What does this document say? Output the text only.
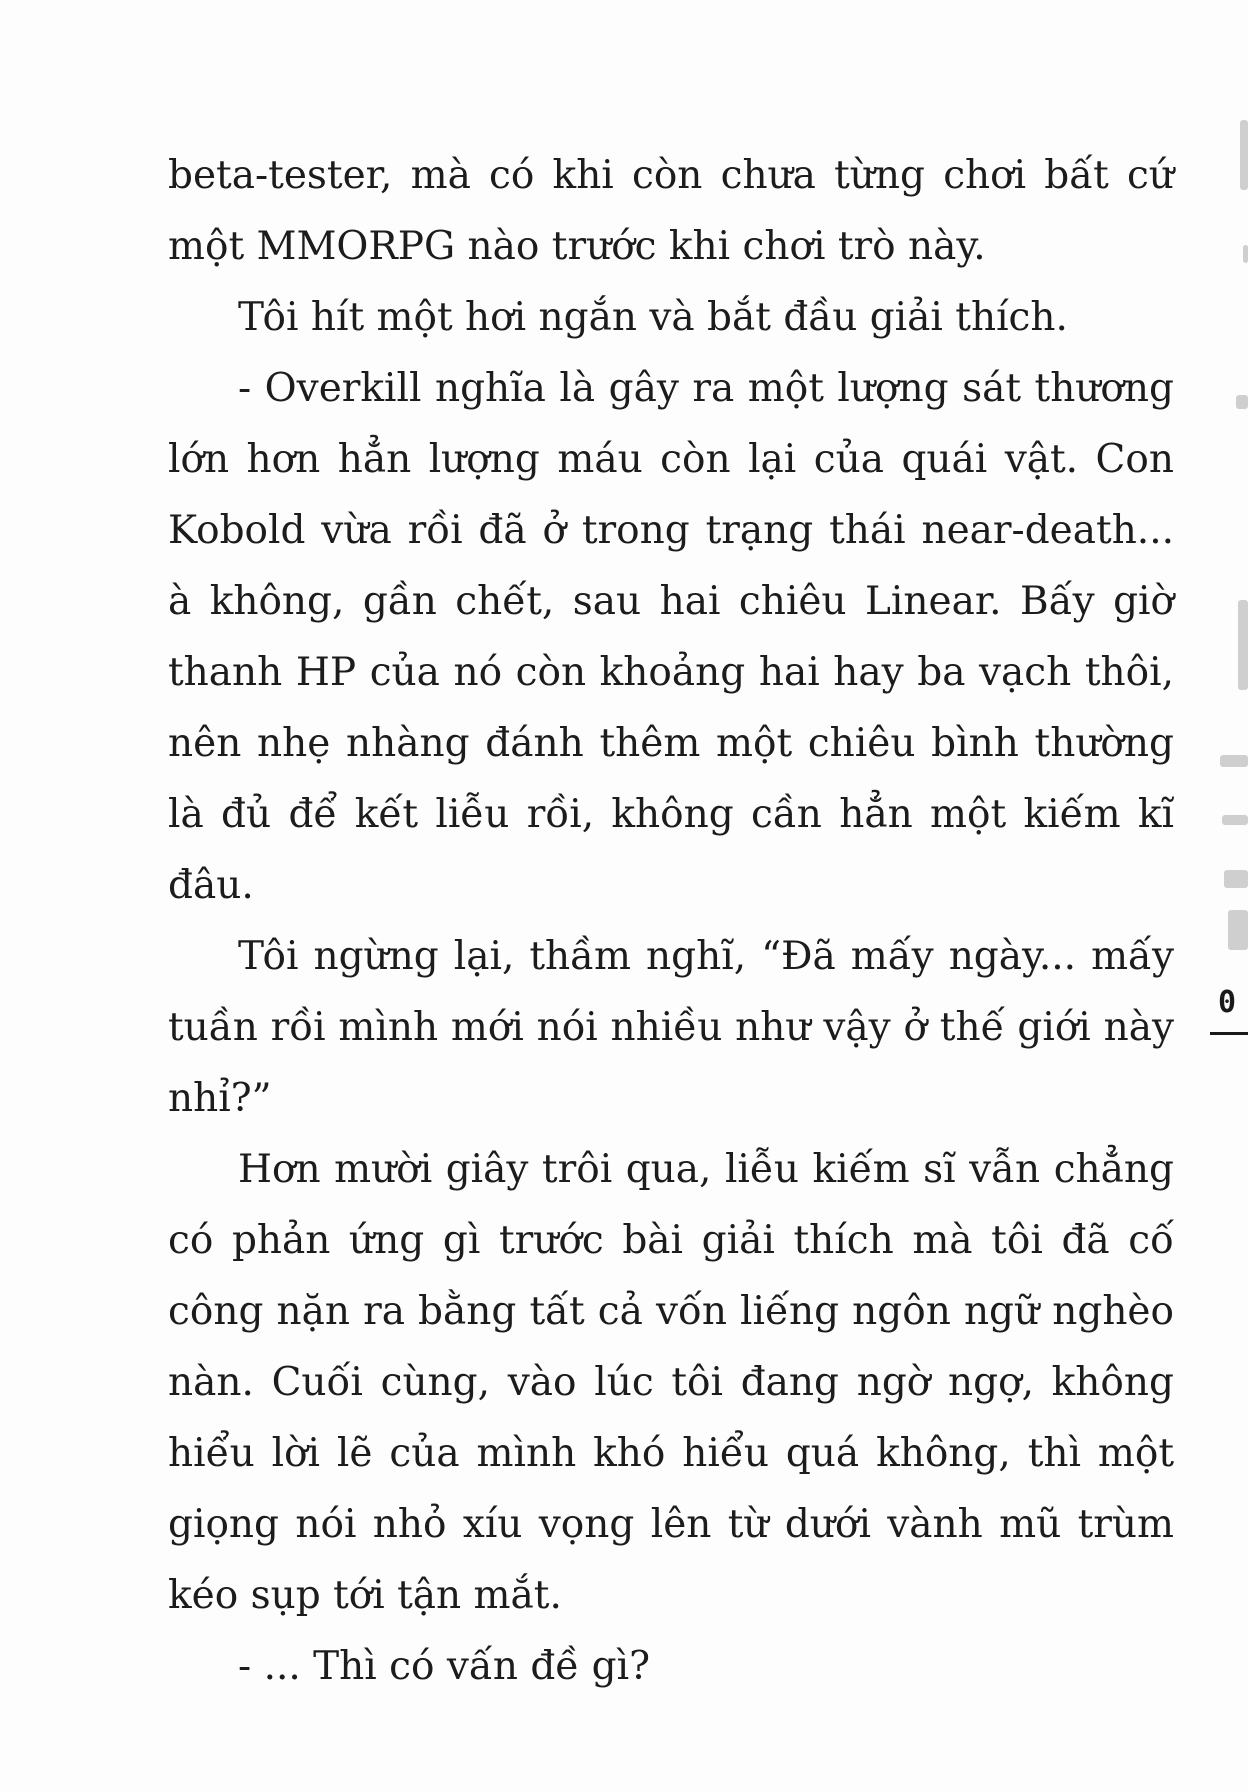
beta-tester, mà có khi còn chưa từng chơi bất cứ một MMORPG nào trước khi chơi trò này.

Tôi hít một hơi ngắn và bắt đầu giải thích.

- Overkill nghĩa là gây ra một lượng sát thương lớn hơn hẳn lượng máu còn lại của quái vật. Con Kobold vừa rồi đã ở trong trạng thái near-death... à không, gần chết, sau hai chiêu Linear. Bấy giờ thanh HP của nó còn khoảng hai hay ba vạch thôi, nên nhẹ nhàng đánh thêm một chiêu bình thường là đủ để kết liễu rồi, không cần hẳn một kiếm kĩ đâu.

Tôi ngừng lại, thầm nghĩ, “Đã mấy ngày... mấy tuần rồi mình mới nói nhiều như vậy ở thế giới này nhỉ?”

Hơn mười giây trôi qua, liễu kiếm sĩ vẫn chẳng có phản ứng gì trước bài giải thích mà tôi đã cố công nặn ra bằng tất cả vốn liếng ngôn ngữ nghèo nàn. Cuối cùng, vào lúc tôi đang ngờ ngợ, không hiểu lời lẽ của mình khó hiểu quá không, thì một giọng nói nhỏ xíu vọng lên từ dưới vành mũ trùm kéo sụp tới tận mắt.

- ... Thì có vấn đề gì?

0
